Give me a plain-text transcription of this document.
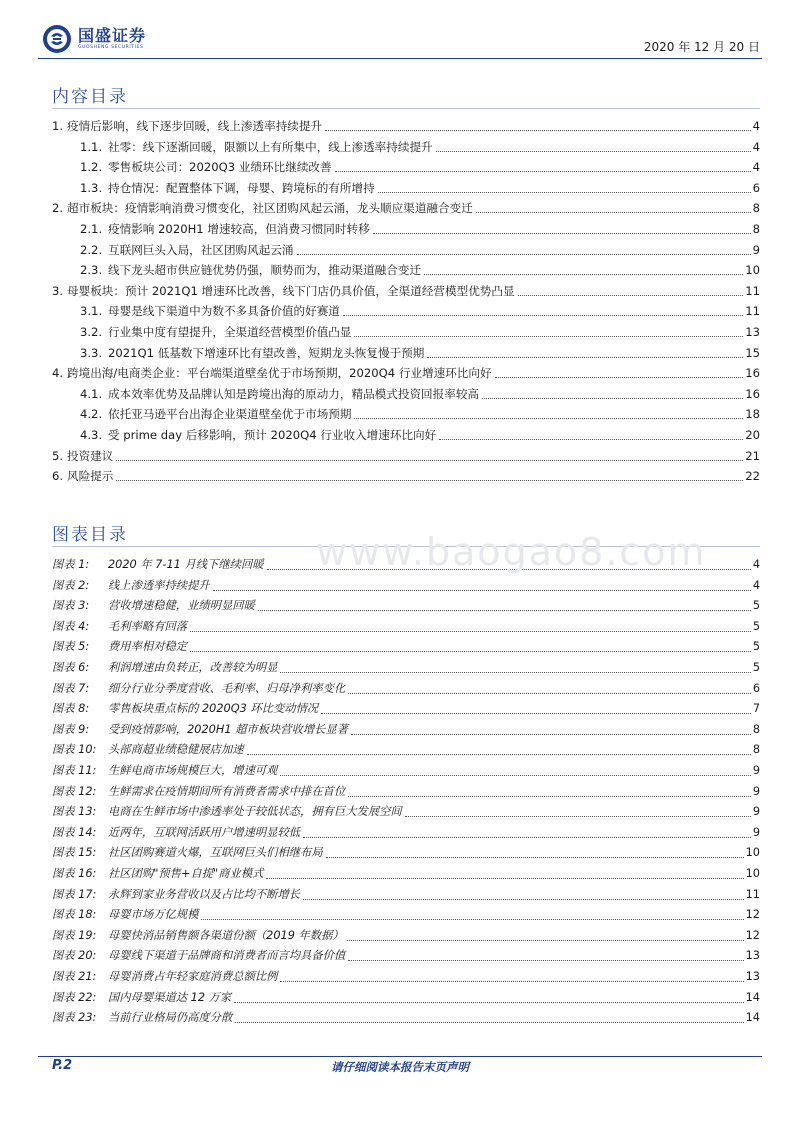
国盛证券
GUOSHENG SECURITIES	2020 年 12 月 20 日
内容目录
1. 疫情后影响，线下逐步回暖，线上渗透率持续提升	4
1.1. 社零：线下逐渐回暖，限额以上有所集中，线上渗透率持续提升	4
1.2. 零售板块公司：2020Q3 业绩环比继续改善	4
1.3. 持仓情况：配置整体下调，母婴、跨境标的有所增持	6
2. 超市板块：疫情影响消费习惯变化，社区团购风起云涌，龙头顺应渠道融合变迁	8
2.1. 疫情影响 2020H1 增速较高，但消费习惯同时转移	8
2.2. 互联网巨头入局，社区团购风起云涌	9
2.3. 线下龙头超市供应链优势仍强，顺势而为，推动渠道融合变迁	10
3. 母婴板块：预计 2021Q1 增速环比改善，线下门店仍具价值，全渠道经营模型优势凸显	11
3.1. 母婴是线下渠道中为数不多具备价值的好赛道	11
3.2. 行业集中度有望提升，全渠道经营模型价值凸显	13
3.3. 2021Q1 低基数下增速环比有望改善，短期龙头恢复慢于预期	15
4. 跨境出海/电商类企业：平台端渠道壁垒优于市场预期，2020Q4 行业增速环比向好	16
4.1. 成本效率优势及品牌认知是跨境出海的原动力，精品模式投资回报率较高	16
4.2. 依托亚马逊平台出海企业渠道壁垒优于市场预期	18
4.3. 受 prime day 后移影响，预计 2020Q4 行业收入增速环比向好	20
5. 投资建议	21
6. 风险提示	22
图表目录
图表 1:	2020 年 7-11 月线下继续回暖	4
图表 2:	线上渗透率持续提升	4
图表 3:	营收增速稳健，业绩明显回暖	5
图表 4:	毛利率略有回落	5
图表 5:	费用率相对稳定	5
图表 6:	利润增速由负转正，改善较为明显	5
图表 7:	细分行业分季度营收、毛利率、归母净利率变化	6
图表 8:	零售板块重点标的 2020Q3 环比变动情况	7
图表 9:	受到疫情影响，2020H1 超市板块营收增长显著	8
图表 10:	头部商超业绩稳健展店加速	8
图表 11:	生鲜电商市场规模巨大，增速可观	9
图表 12:	生鲜需求在疫情期间所有消费者需求中排在首位	9
图表 13:	电商在生鲜市场中渗透率处于较低状态，拥有巨大发展空间	9
图表 14:	近两年，互联网活跃用户增速明显较低	9
图表 15:	社区团购赛道火爆，互联网巨头们相继布局	10
图表 16:	社区团购"预售+自提"商业模式	10
图表 17:	永辉到家业务营收以及占比均不断增长	11
图表 18:	母婴市场万亿规模	12
图表 19:	母婴快消品销售额各渠道份额（2019 年数据）	12
图表 20:	母婴线下渠道于品牌商和消费者而言均具备价值	13
图表 21:	母婴消费占年轻家庭消费总额比例	13
图表 22:	国内母婴渠道达 12 万家	14
图表 23:	当前行业格局仍高度分散	14
www.baogao8.com
P.2	请仔细阅读本报告末页声明
